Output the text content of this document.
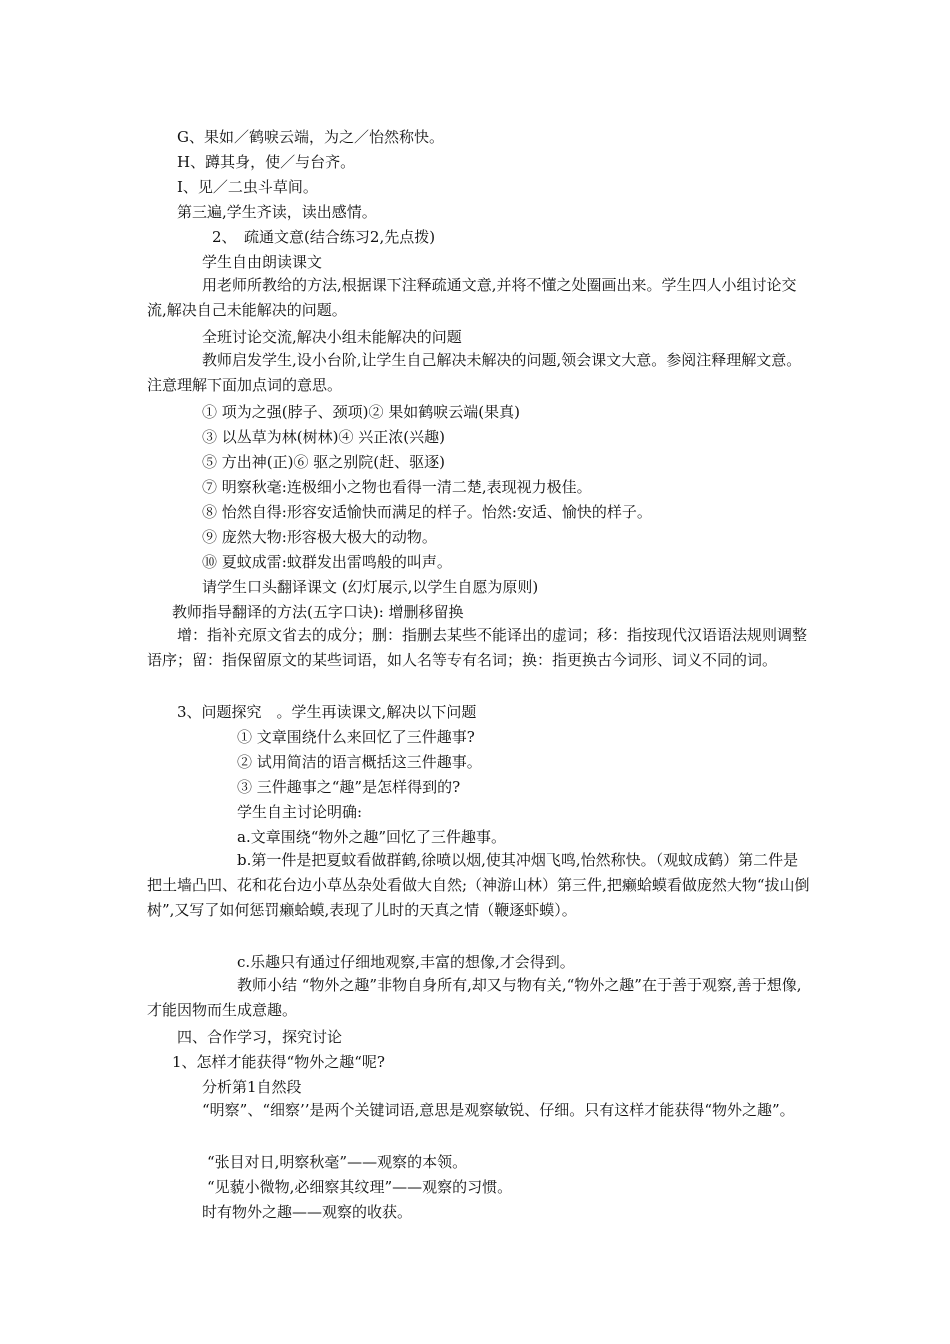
G、果如／鹤唳云端，为之／怡然称快。
H、蹲其身，使／与台齐。
I、见／二虫斗草间。
第三遍,学生齐读，读出感情。
2、　疏通文意(结合练习2,先点拨)
学生自由朗读课文
用老师所教给的方法,根据课下注释疏通文意,并将不懂之处圈画出来。学生四人小组讨论交流,解决自己未能解决的问题。
全班讨论交流,解决小组未能解决的问题
教师启发学生,设小台阶,让学生自己解决未解决的问题,领会课文大意。参阅注释理解文意。注意理解下面加点词的意思。
① 项为之强(脖子、颈项)② 果如鹤唳云端(果真)
③ 以丛草为林(树林)④ 兴正浓(兴趣)
⑤ 方出神(正)⑥ 驱之别院(赶、驱逐)
⑦ 明察秋毫:连极细小之物也看得一清二楚,表现视力极佳。
⑧ 怡然自得:形容安适愉快而满足的样子。怡然:安适、愉快的样子。
⑨ 庞然大物:形容极大极大的动物。
⑩ 夏蚊成雷:蚊群发出雷鸣般的叫声。
请学生口头翻译课文 (幻灯展示,以学生自愿为原则)
教师指导翻译的方法(五字口诀): 增删移留换
增：指补充原文省去的成分；删：指删去某些不能译出的虚词；移：指按现代汉语语法规则调整语序；留：指保留原文的某些词语，如人名等专有名词；换：指更换古今词形、词义不同的词。
3、问题探究　。学生再读课文,解决以下问题
① 文章围绕什么来回忆了三件趣事?
② 试用简洁的语言概括这三件趣事。
③ 三件趣事之“趣”是怎样得到的?
学生自主讨论明确:
a.文章围绕“物外之趣”回忆了三件趣事。
b.第一件是把夏蚊看做群鹤,徐喷以烟,使其冲烟飞鸣,怡然称快。（观蚊成鹤）第二件是把土墙凸凹、花和花台边小草丛杂处看做大自然;（神游山林）第三件,把癞蛤蟆看做庞然大物“拔山倒树”,又写了如何惩罚癞蛤蟆,表现了儿时的天真之情（鞭逐虾蟆）。
c.乐趣只有通过仔细地观察,丰富的想像,才会得到。
教师小结 “物外之趣”非物自身所有,却又与物有关,“物外之趣”在于善于观察,善于想像,才能因物而生成意趣。
四、合作学习，探究讨论
1、怎样才能获得“物外之趣“呢?
分析第1自然段
“明察”、“细察’’是两个关键词语,意思是观察敏锐、仔细。只有这样才能获得“物外之趣”。
“张目对日,明察秋毫”——观察的本领。
“见藐小微物,必细察其纹理”——观察的习惯。
时有物外之趣——观察的收获。
